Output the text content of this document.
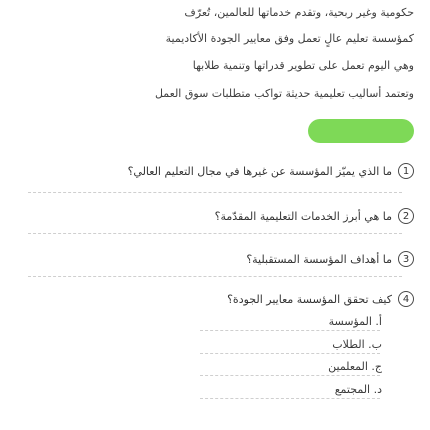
حكومية وغير ربحية، وتقدم خدماتها للعالمين، تُعرّف
كمؤسسة تعليم عالٍ تعمل وفق معايير الجودة الأكاديمية
وهي اليوم تعمل على تطوير قدراتها وتنمية طلابها
وتعتمد أساليب تعليمية حديثة تواكب متطلبات سوق العمل
1
ما الذي يميّز المؤسسة عن غيرها في مجال التعليم العالي؟
2
ما هي أبرز الخدمات التعليمية المقدّمة؟
3
ما أهداف المؤسسة المستقبلية؟
4
كيف تحقق المؤسسة معايير الجودة؟
أ. المؤسسة
ب. الطلاب
ج. المعلمين
د. المجتمع
